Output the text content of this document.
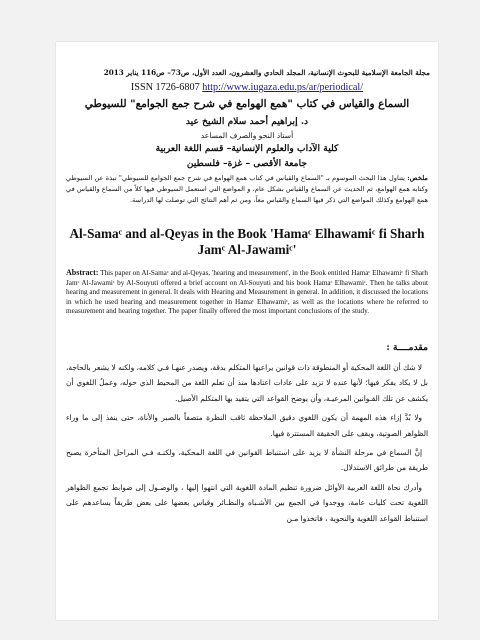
مجلة الجامعة الإسلامية للبحوث الإنسانية، المجلد الحادي والعشرون، العدد الأول، ص73– ص116 يناير 2013
ISSN 1726-6807 http://www.iugaza.edu.ps/ar/periodical/
السماع والقياس في كتاب "همع الهوامع في شرح جمع الجوامع" للسيوطي
د. إبراهيم أحمد سلام الشيخ عيد
أستاذ النحو والصرف المساعد
كلية الآداب والعلوم الإنسانية– قسم اللغة العربية
جامعة الأقصى – غزة– فلسطين
ملخص: يتناول هذا البحث الموسوم بـ "السماع والقياس في كتاب همع الهوامع في شرح جمع الجوامع للسيوطي" نبذة عن السيوطي وكتابه همع الهوامع، ثم الحديث عن السماع والقياس بشكل عام، و المواضع التي استعمل السيوطي فيها كلاً من السماع والقياس في همع الهوامع وكذلك المواضع التي ذكر فيها السماع والقياس معاً، ومن ثم أهم النتائج التي توصلت لها الدراسة.
Al-Samaᶜ and al-Qeyas in the Book 'Hamaᶜ Elhawamiᶜ fi Sharh Jamᶜ Al-Jawamiᶜ'
Abstract: This paper on Al-Samaᶜ and al-Qeyas, 'hearing and measurement', in the Book entitled Hamaᶜ Elhawamiᶜ fi Sharh Jamᶜ Al-Jawamiᶜ by Al-Souyuti offered a brief account on Al-Souyuti and his book Hamaᶜ Elhawamiᶜ. Then he talks about hearing and measurement in general. It deals with Hearing and Measurement in general. In addition, it discussed the locations in which he used hearing and measurement together in Hamaᶜ Elhawamiᶜ, as well as the locations where he referred to measurement and hearing together. The paper finally offered the most important conclusions of the study.
مقدمــــة :

لا شك أن اللغة المحكية أو المنطوقة ذات قوانين يراعيها المتكلم بدقة، ويصدر عنهـا فـي كلامه، ولكنه لا يشعر بالحاجة، بل لا يكاد يفكر فيها؛ لأنها عنده لا تزيد على عادات اعتادها منذ أن تعلم اللغة من المحيط الذي حوله، وعملُ اللغوي أن يكشف عن تلك القـوانين المرعيـة، وأن يوضح القواعد التي يتقيد بها المتكلم الأصيل.

ولا بُدَّ إزاء هذه المهمة أن يكون اللغوي دقيق الملاحظة ثاقب النظرة متصفاً بالصبر والأناة، حتى ينفذ إلى ما وراء الظواهر الصوتية، ويقف على الحقيقة المستترة فيها.

إنَّ السماع في مرحلة النشأة لا يزيد على استنباط القوانين في اللغة المحكية، ولكنـه فـي المراحل المتأخرة يصبح طريقة من طرائق الاستدلال.

وأدرك نحاة اللغة العربية الأوائل ضرورة تنظيم المادة اللغوية التي انتهوا إليها ، والوصـول إلى ضوابط تجمع الظواهر اللغوية تحت كليات عامة، ووجدوا في الجمع بين الأشـباه والنظـائر وقياس بعضها على بعض طريقاً يساعدهم على استنباط القواعد اللغوية والنحوية ، فاتخذوا مـن
